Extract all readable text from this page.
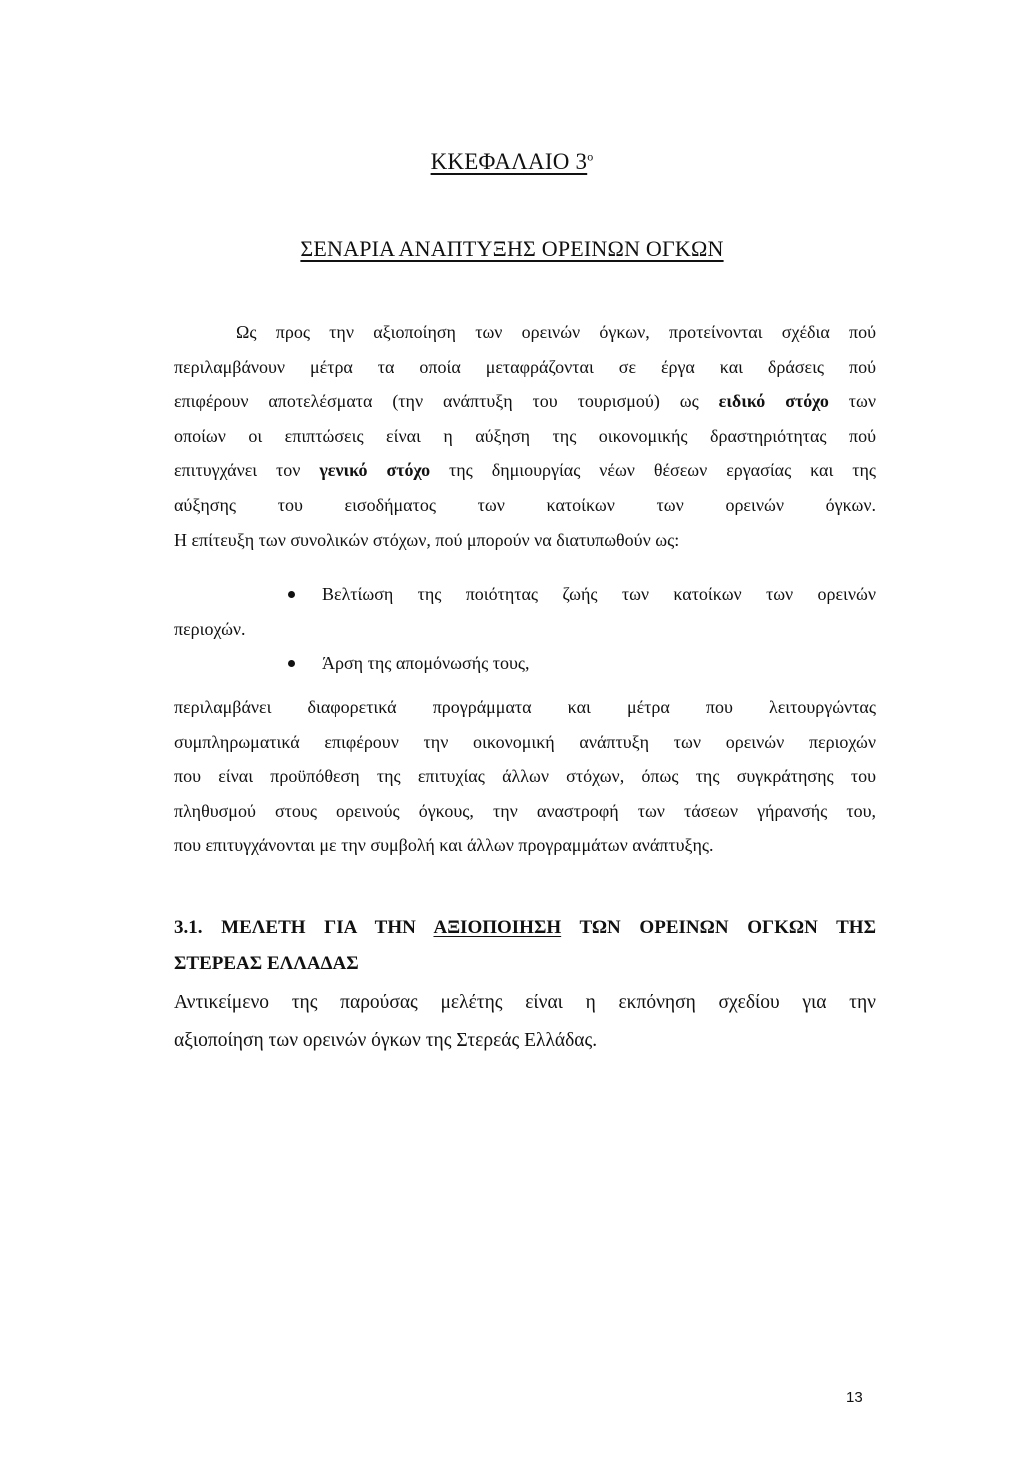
ΚΚΕΦΑΛΑΙΟ $3^o$
ΣΕΝΑΡΙΑ ΑΝΑΠΤΥΞΗΣ ΟΡΕΙΝΩΝ ΟΓΚΩΝ
Ως προς την αξιοποίηση των ορεινών όγκων, προτείνονται σχέδια πού
περιλαμβάνουν μέτρα τα οποία μεταφράζονται σε έργα και δράσεις πού
επιφέρουν αποτελέσματα (την ανάπτυξη του τουρισμού) ως ειδικό στόχο των
οποίων οι επιπτώσεις είναι η αύξηση της οικονομικής δραστηριότητας πού
επιτυγχάνει τον γενικό στόχο της δημιουργίας νέων θέσεων εργασίας και της
αύξησης του εισοδήματος των κατοίκων των ορεινών όγκων.
Η επίτευξη των συνολικών στόχων, πού μπορούν να διατυπωθούν ως:
Βελτίωση της ποιότητας ζωής των κατοίκων των ορεινών
περιοχών.
Άρση της απομόνωσής τους,
περιλαμβάνει διαφορετικά προγράμματα και μέτρα που λειτουργώντας
συμπληρωματικά επιφέρουν την οικονομική ανάπτυξη των ορεινών περιοχών
που είναι προϋπόθεση της επιτυχίας άλλων στόχων, όπως της συγκράτησης του
πληθυσμού στους ορεινούς όγκους, την αναστροφή των τάσεων γήρανσής του,
που επιτυγχάνονται με την συμβολή και άλλων προγραμμάτων ανάπτυξης.
3.1. ΜΕΛΕΤΗ ΓΙΑ ΤΗΝ ΑΞΙΟΠΟΙΗΣΗ ΤΩΝ ΟΡΕΙΝΩΝ ΟΓΚΩΝ ΤΗΣ
ΣΤΕΡΕΑΣ ΕΛΛΑΔΑΣ
Αντικείμενο της παρούσας μελέτης είναι η εκπόνηση σχεδίου για την
αξιοποίηση των ορεινών όγκων της Στερεάς Ελλάδας.
13
